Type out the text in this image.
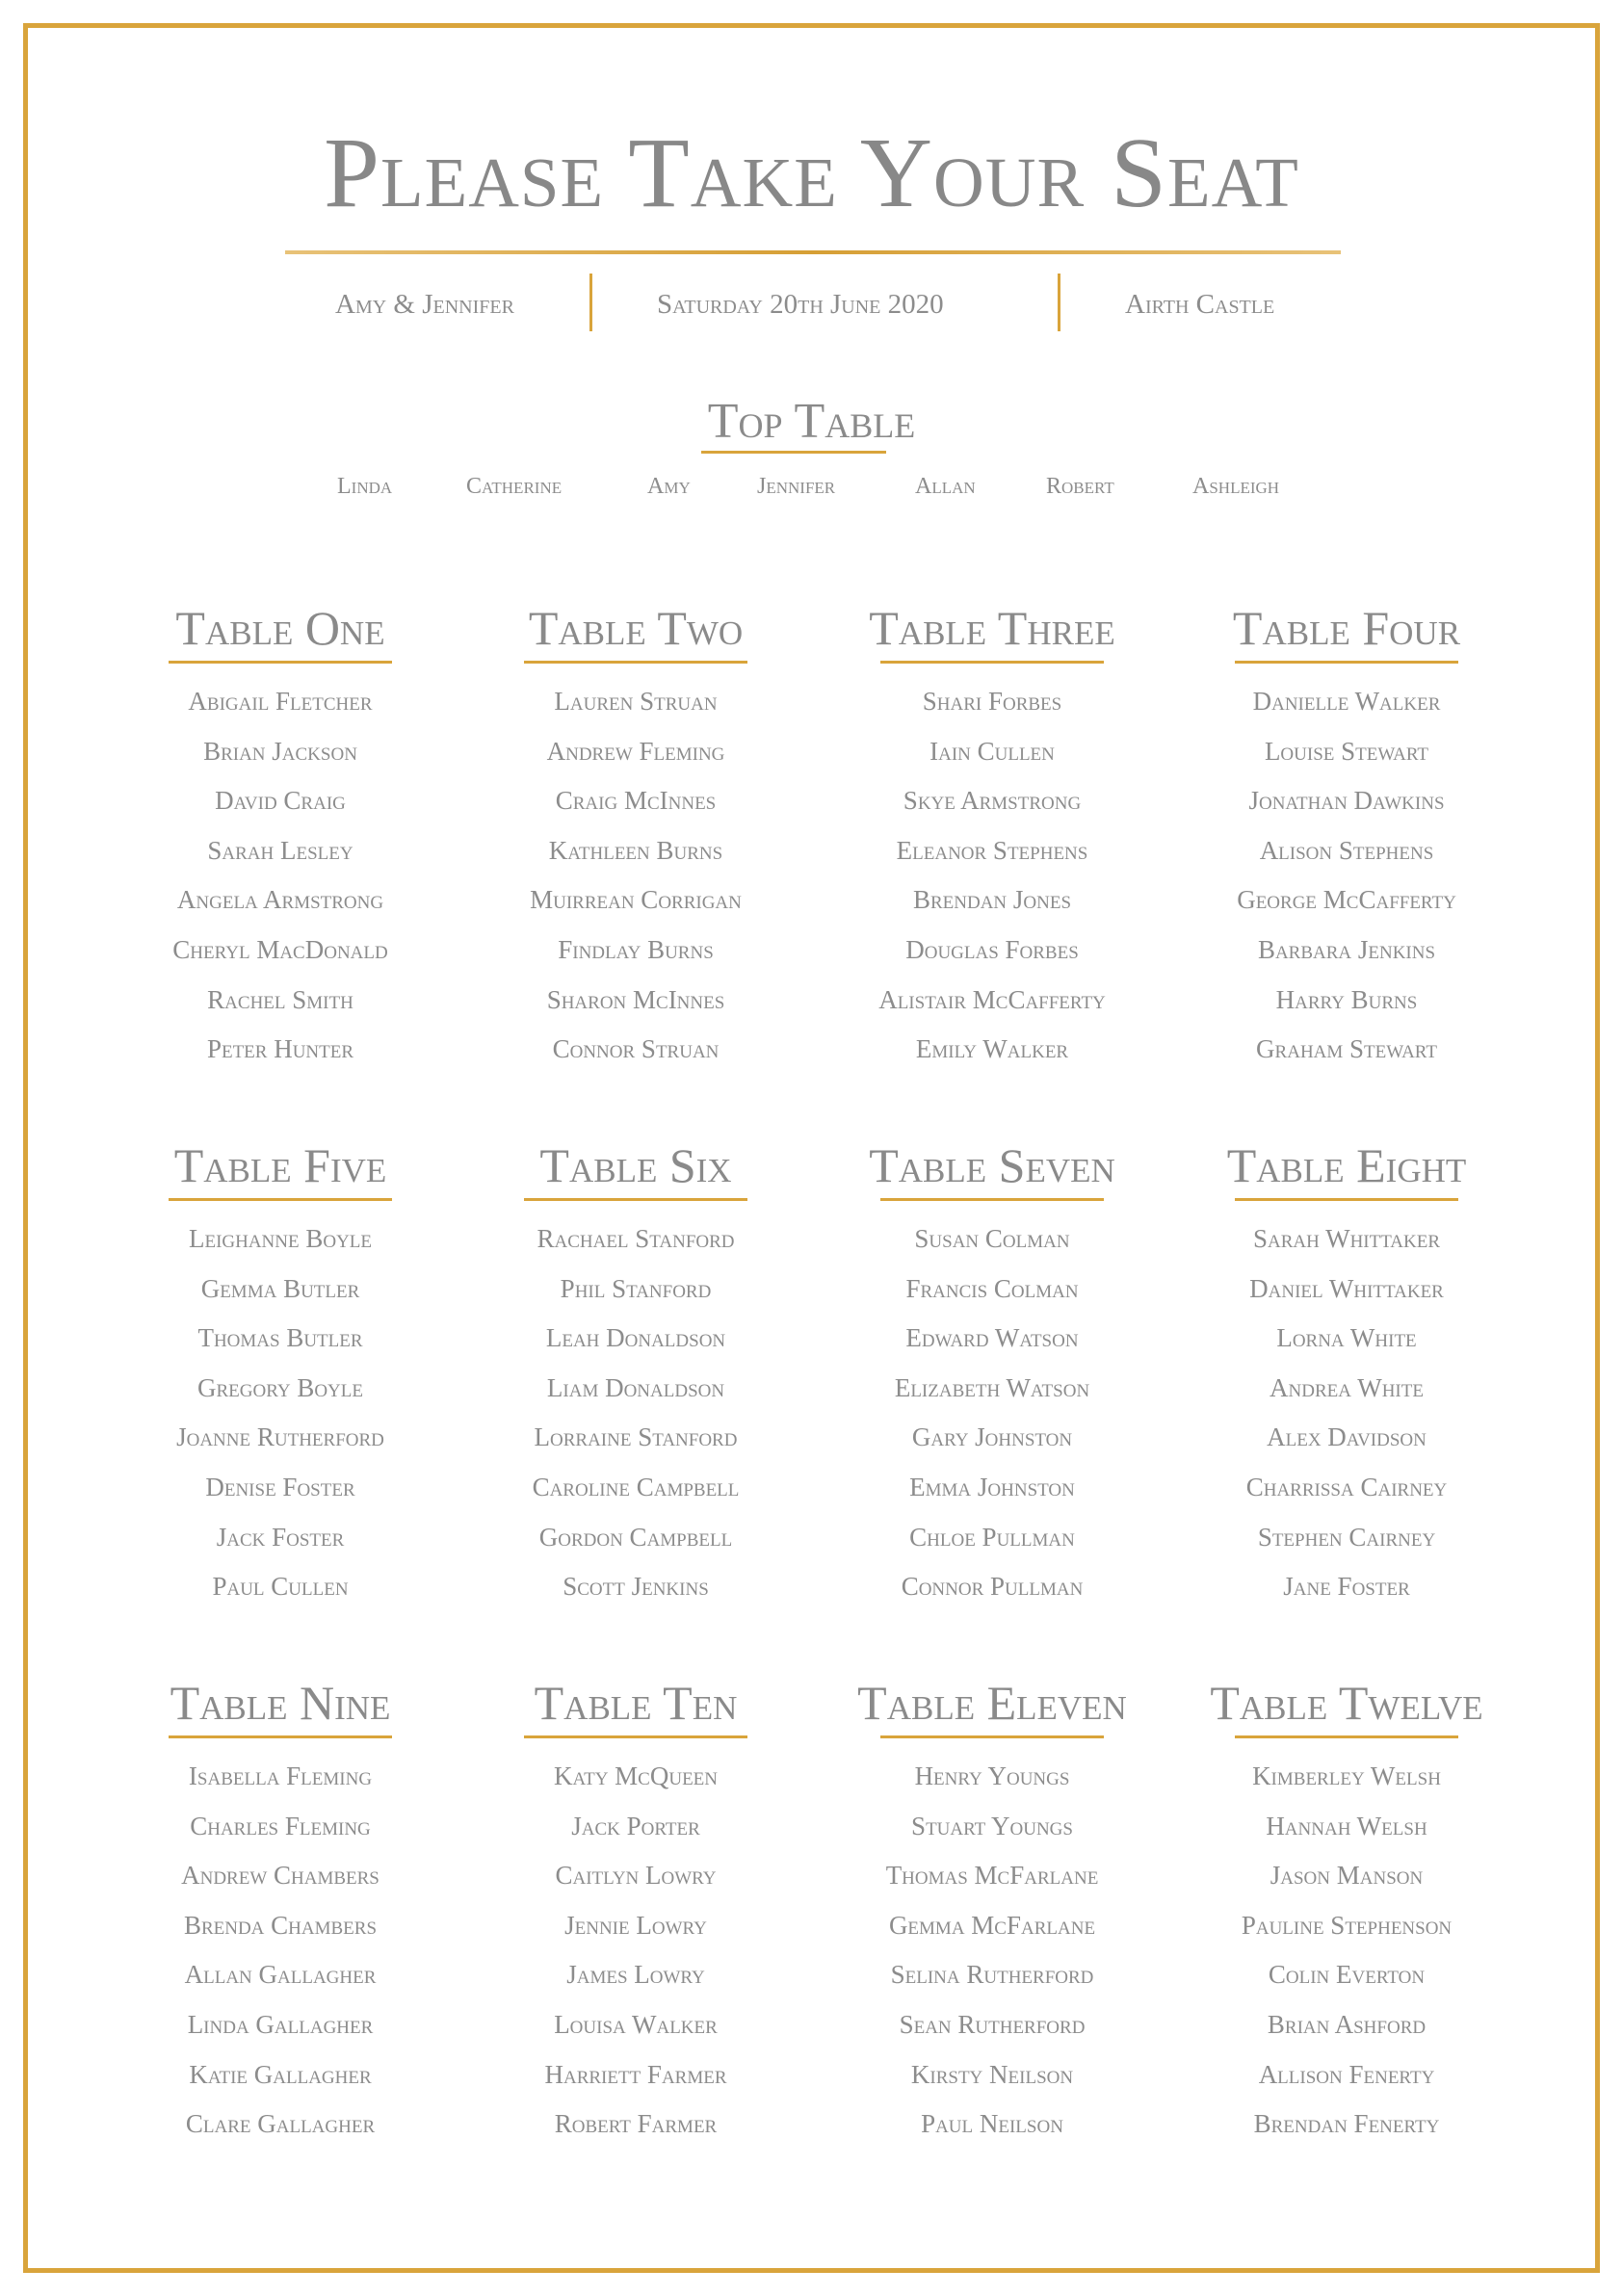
Please Take Your Seat
Amy & Jennifer	Saturday 20th June 2020	Airth Castle
Top Table
Linda	Catherine	Amy	Jennifer	Allan	Robert	Ashleigh
Table One
Abigail Fletcher
Brian Jackson
David Craig
Sarah Lesley
Angela Armstrong
Cheryl MacDonald
Rachel Smith
Peter Hunter
Table Two
Lauren Struan
Andrew Fleming
Craig McInnes
Kathleen Burns
Muirrean Corrigan
Findlay Burns
Sharon McInnes
Connor Struan
Table Three
Shari Forbes
Iain Cullen
Skye Armstrong
Eleanor Stephens
Brendan Jones
Douglas Forbes
Alistair McCafferty
Emily Walker
Table Four
Danielle Walker
Louise Stewart
Jonathan Dawkins
Alison Stephens
George McCafferty
Barbara Jenkins
Harry Burns
Graham Stewart
Table Five
Leighanne Boyle
Gemma Butler
Thomas Butler
Gregory Boyle
Joanne Rutherford
Denise Foster
Jack Foster
Paul Cullen
Table Six
Rachael Stanford
Phil Stanford
Leah Donaldson
Liam Donaldson
Lorraine Stanford
Caroline Campbell
Gordon Campbell
Scott Jenkins
Table Seven
Susan Colman
Francis Colman
Edward Watson
Elizabeth Watson
Gary Johnston
Emma Johnston
Chloe Pullman
Connor Pullman
Table Eight
Sarah Whittaker
Daniel Whittaker
Lorna White
Andrea White
Alex Davidson
Charrissa Cairney
Stephen Cairney
Jane Foster
Table Nine
Isabella Fleming
Charles Fleming
Andrew Chambers
Brenda Chambers
Allan Gallagher
Linda Gallagher
Katie Gallagher
Clare Gallagher
Table Ten
Katy McQueen
Jack Porter
Caitlyn Lowry
Jennie Lowry
James Lowry
Louisa Walker
Harriett Farmer
Robert Farmer
Table Eleven
Henry Youngs
Stuart Youngs
Thomas McFarlane
Gemma McFarlane
Selina Rutherford
Sean Rutherford
Kirsty Neilson
Paul Neilson
Table Twelve
Kimberley Welsh
Hannah Welsh
Jason Manson
Pauline Stephenson
Colin Everton
Brian Ashford
Allison Fenerty
Brendan Fenerty
